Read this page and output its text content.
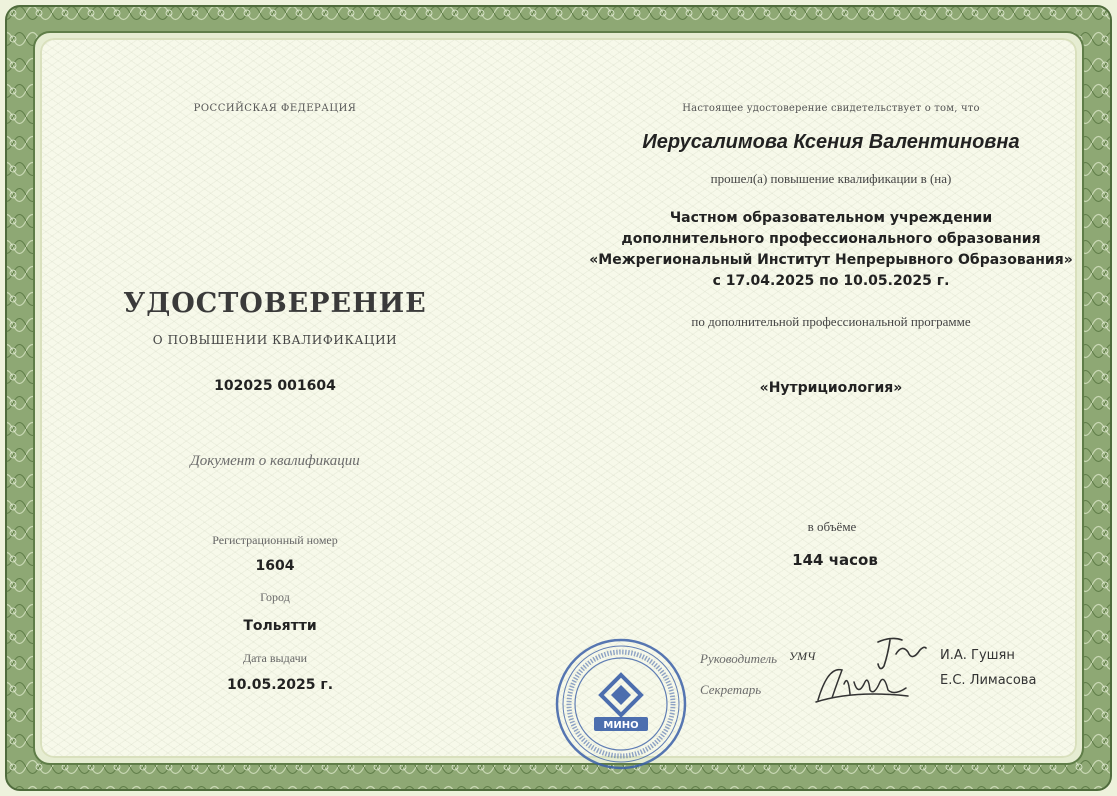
РОССИЙСКАЯ ФЕДЕРАЦИЯ
УДОСТОВЕРЕНИЕ
О ПОВЫШЕНИИ КВАЛИФИКАЦИИ
102025 001604
Документ о квалификации
Регистрационный номер
1604
Город
Тольятти
Дата выдачи
10.05.2025 г.
Настоящее удостоверение свидетельствует о том, что
Иерусалимова Ксения Валентиновна
прошел(а) повышение квалификации в (на)
Частном образовательном учреждении
дополнительного профессионального образования
«Межрегиональный Институт Непрерывного Образования»
с 17.04.2025 по 10.05.2025 г.
по дополнительной профессиональной программе
«Нутрициология»
в объёме
144 часов
Руководитель УМЧ	И.А. Гушян
Секретарь
Е.С. Лимасова
МИНО
